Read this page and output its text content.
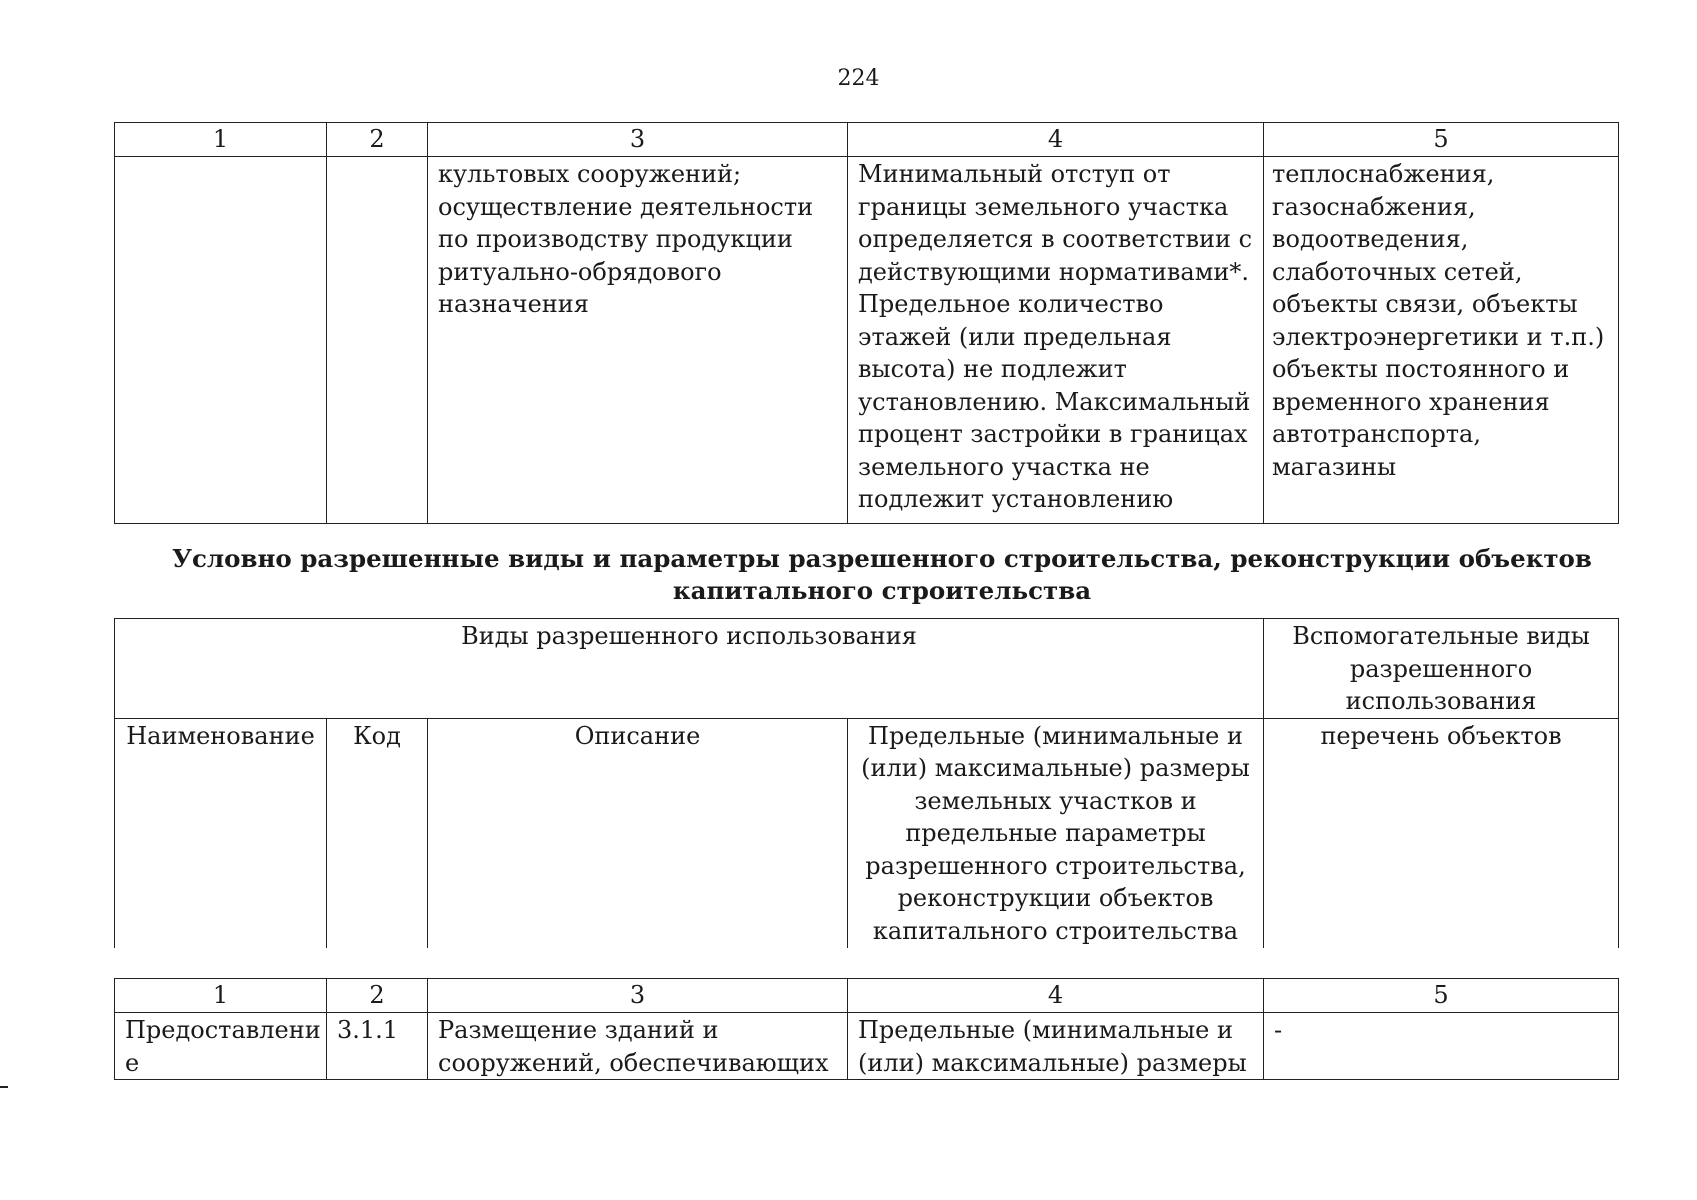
224
1	2	3	4	5

		культовых сооружений; осуществление деятельности по производству продукции ритуально-обрядового назначения	Минимальный отступ от границы земельного участка определяется в соответствии с действующими нормативами*. Предельное количество этажей (или предельная высота) не подлежит установлению. Максимальный процент застройки в границах земельного участка не подлежит установлению	теплоснабжения, газоснабжения, водоотведения, слаботочных сетей, объекты связи, объекты электроэнергетики и т.п.) объекты постоянного и временного хранения автотранспорта, магазины
Условно разрешенные виды и параметры разрешенного строительства, реконструкции объектов
капитального строительства
Виды разрешенного использования				Вспомогательные виды разрешенного использования

Наименование	Код	Описание	Предельные (минимальные и (или) максимальные) размеры земельных участков и предельные параметры разрешенного строительства, реконструкции объектов капитального строительства	перечень объектов
1	2	3	4	5

Предоставлени е	3.1.1	Размещение зданий и сооружений, обеспечивающих	Предельные (минимальные и (или) максимальные) размеры	-
